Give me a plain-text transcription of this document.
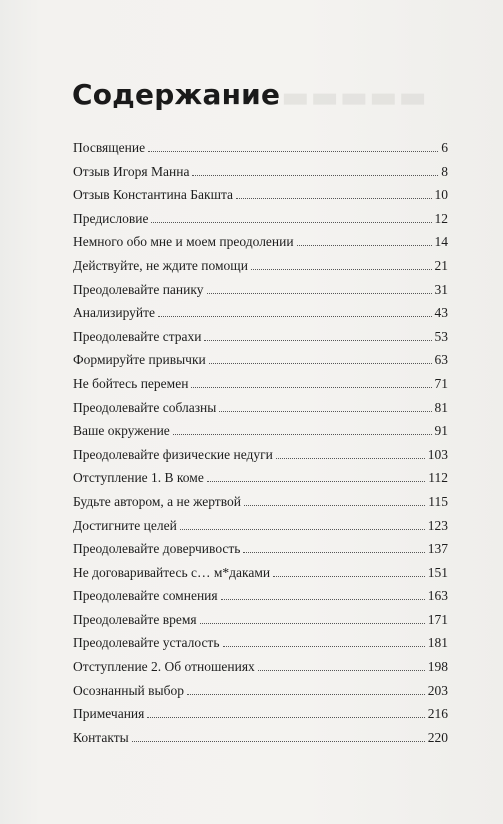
▬▬▬▬▬
Содержание
Посвящение	6
Отзыв Игоря Манна	8
Отзыв Константина Бакшта	10
Предисловие	12
Немного обо мне и моем преодолении	14
Действуйте, не ждите помощи	21
Преодолевайте панику	31
Анализируйте	43
Преодолевайте страхи	53
Формируйте привычки	63
Не бойтесь перемен	71
Преодолевайте соблазны	81
Ваше окружение	91
Преодолевайте физические недуги	103
Отступление 1. В коме	112
Будьте автором, а не жертвой	115
Достигните целей	123
Преодолевайте доверчивость	137
Не договаривайтесь с… м*даками	151
Преодолевайте сомнения	163
Преодолевайте время	171
Преодолевайте усталость	181
Отступление 2. Об отношениях	198
Осознанный выбор	203
Примечания	216
Контакты	220
